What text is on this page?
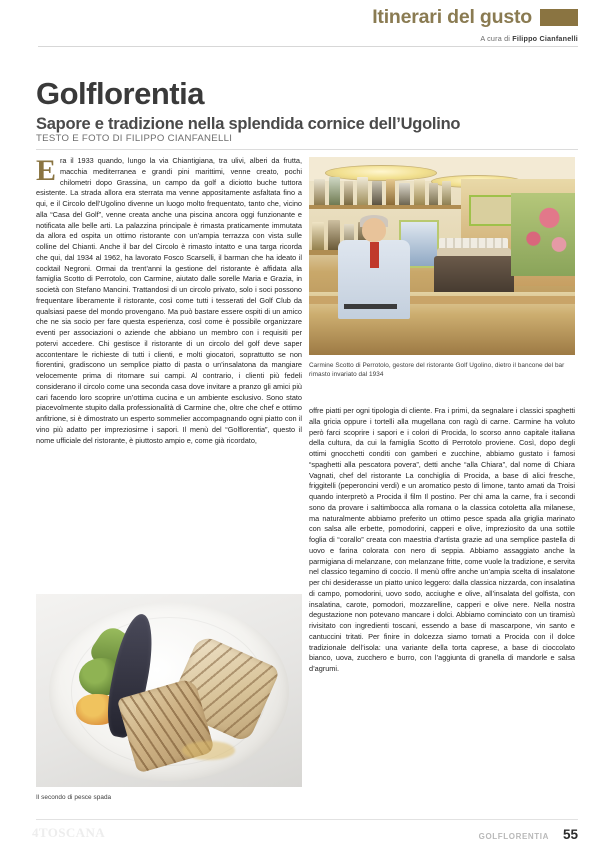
Itinerari del gusto
A cura di Filippo Cianfanelli
Golflorentia
Sapore e tradizione nella splendida cornice dell’Ugolino
TESTO E FOTO DI FILIPPO CIANFANELLI

Era il 1933 quando, lungo la via Chiantigiana, tra ulivi, alberi da frutta, macchia mediterranea e grandi pini marittimi, venne creato, pochi chilometri dopo Grassina, un campo da golf a diciotto buche tuttora esistente. La strada allora era sterrata ma venne appositamente asfaltata fino a qui, e il Circolo dell’Ugolino divenne un luogo molto frequentato, tanto che, vicino alla “Casa del Golf”, venne creata anche una piscina ancora oggi funzionante e notificata alle belle arti. La palazzina principale è rimasta praticamente immutata da allora ed ospita un ottimo ristorante con un’ampia terrazza con vista sulle colline del Chianti. Anche il bar del Circolo è rimasto intatto e una targa ricorda che qui, dal 1934 al 1962, ha lavorato Fosco Scarselli, il barman che ha ideato il cocktail Negroni. Ormai da trent’anni la gestione del ristorante è affidata alla famiglia Scotto di Perrotolo, con Carmine, aiutato dalle sorelle Maria e Grazia, in società con Stefano Mancini. Trattandosi di un circolo privato, solo i soci possono frequentare liberamente il ristorante, così come tutti i tesserati del Golf Club da qualsiasi paese del mondo provengano. Ma può bastare essere ospiti di un amico che ne sia socio per fare questa esperienza, così come è possibile organizzare eventi per associazioni o aziende che abbiano un membro con i requisiti per potervi accedere. Chi gestisce il ristorante di un circolo del golf deve saper accontentare le richieste di tutti i clienti, e molti giocatori, soprattutto se non fiorentini, gradiscono un semplice piatto di pasta o un’insalatona da mangiare velocemente prima di ritornare sui campi. Al contrario, i clienti più fedeli considerano il circolo come una seconda casa dove invitare a pranzo gli amici più cari facendo loro scoprire un’ottima cucina e un ambiente esclusivo. Sono stato piacevolmente stupito dalla professionalità di Carmine che, oltre che chef e ottimo anfitrione, si è dimostrato un esperto sommelier accompagnando ogni piatto con il vino più adatto per impreziosirne i sapori. Il menù del “Golflorentia”, questo il nome ufficiale del ristorante, è piuttosto ampio e, come già ricordato,

offre piatti per ogni tipologia di cliente. Fra i primi, da segnalare i classici spaghetti alla gricia oppure i tortelli alla mugellana con ragù di carne. Carmine ha voluto però farci scoprire i sapori e i colori di Procida, lo scorso anno capitale italiana della cultura, da cui la famiglia Scotto di Perrotolo proviene. Così, dopo degli ottimi gnocchetti conditi con gamberi e zucchine, abbiamo gustato i famosi “spaghetti alla pescatora povera”, detti anche “alla Chiara”, dal nome di Chiara Vagnati, chef del ristorante La conchiglia di Procida, a base di alici fresche, friggitelli (peperoncini verdi) e un aromatico pesto di limone, tanto amati da Troisi quando interpretò a Procida il film Il postino. Per chi ama la carne, fra i secondi sono da provare i saltimbocca alla romana o la classica cotoletta alla milanese, ma naturalmente abbiamo preferito un ottimo pesce spada alla griglia marinato con salsa alle erbette, pomodorini, capperi e olive, impreziosito da una sottile foglia di “corallo” creata con maestria d’artista grazie ad una semplice pastella di uovo e farina colorata con nero di seppia. Abbiamo assaggiato anche la parmigiana di melanzane, con melanzane fritte, come vuole la tradizione, e servita nel classico tegamino di coccio. Il menù offre anche un’ampia scelta di insalatone per chi desiderasse un piatto unico leggero: dalla classica nizzarda, con insalatina di campo, pomodorini, uovo sodo, acciughe e olive, all’insalata del golfista, con insalatina, carote, pomodori, mozzarelline, capperi e olive nere. Nella nostra degustazione non potevano mancare i dolci. Abbiamo cominciato con un tiramisù rivisitato con ingredienti toscani, essendo a base di mascarpone, vin santo e cantuccini tritati. Per finire in dolcezza siamo tornati a Procida con il dolce tradizionale dell’isola: una variante della torta caprese, a base di cioccolato bianco, uova, zucchero e burro, con l’aggiunta di granella di mandorle e salsa d’agrumi.

Carmine Scotto di Perrotolo, gestore del ristorante Golf Ugolino, dietro il bancone del bar rimasto invariato dal 1934
Il secondo di pesce spada
4TOSCANA	GOLFLORENTIA 55
